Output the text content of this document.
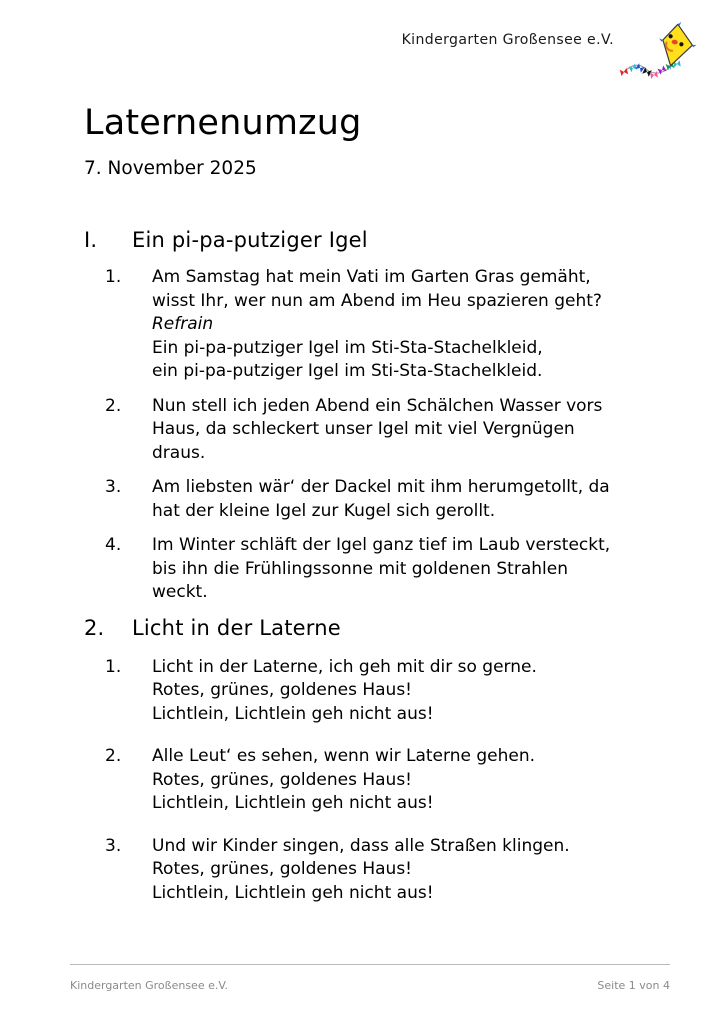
Kindergarten Großensee e.V.
Laternenumzug
7. November 2025
I.	Ein pi-pa-putziger Igel
1.	Am Samstag hat mein Vati im Garten Gras gemäht,
wisst Ihr, wer nun am Abend im Heu spazieren geht?
Refrain
Ein pi-pa-putziger Igel im Sti-Sta-Stachelkleid,
ein pi-pa-putziger Igel im Sti-Sta-Stachelkleid.
2.	Nun stell ich jeden Abend ein Schälchen Wasser vors
Haus, da schleckert unser Igel mit viel Vergnügen
draus.
3.	Am liebsten wär‘ der Dackel mit ihm herumgetollt, da
hat der kleine Igel zur Kugel sich gerollt.
4.	Im Winter schläft der Igel ganz tief im Laub versteckt,
bis ihn die Frühlingssonne mit goldenen Strahlen
weckt.
2.	Licht in der Laterne
1.	Licht in der Laterne, ich geh mit dir so gerne.
Rotes, grünes, goldenes Haus!
Lichtlein, Lichtlein geh nicht aus!
2.	Alle Leut‘ es sehen, wenn wir Laterne gehen.
Rotes, grünes, goldenes Haus!
Lichtlein, Lichtlein geh nicht aus!
3.	Und wir Kinder singen, dass alle Straßen klingen.
Rotes, grünes, goldenes Haus!
Lichtlein, Lichtlein geh nicht aus!
Kindergarten Großensee e.V.	Seite 1 von 4
